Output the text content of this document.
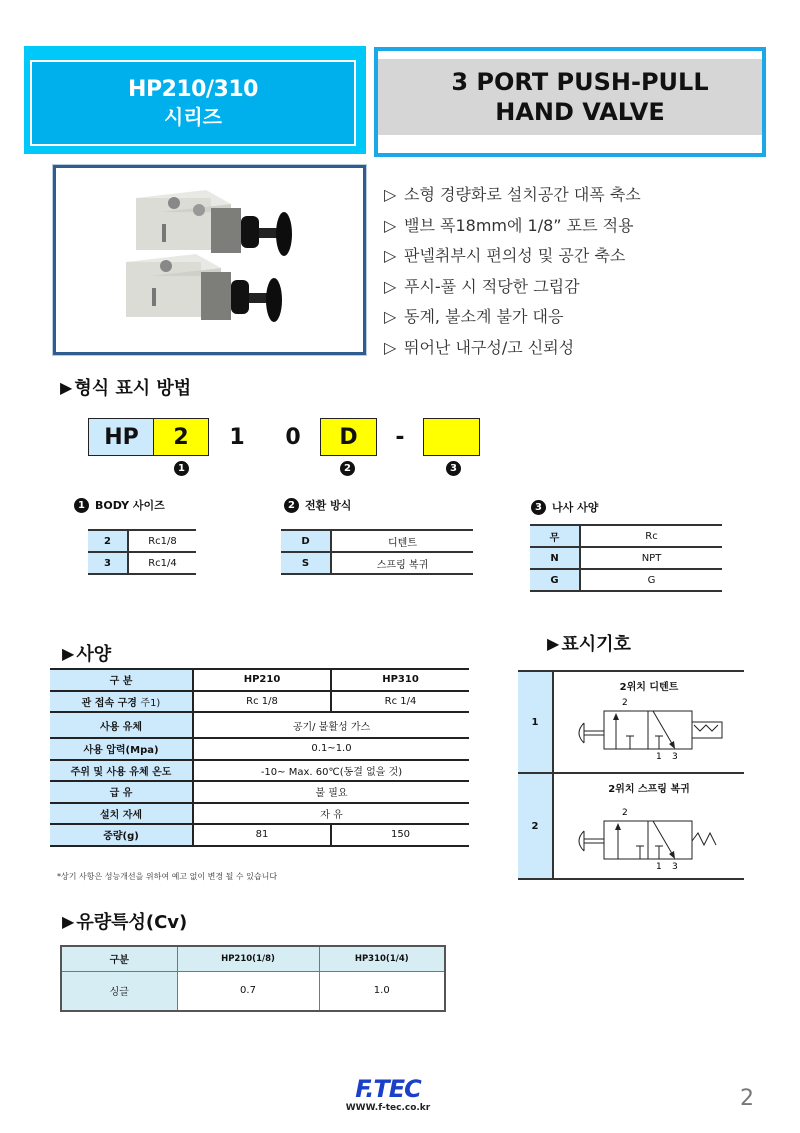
HP210/310
시리즈
3 PORT PUSH-PULL
HAND VALVE
▷ 소형 경량화로 설치공간 대폭 축소
▷ 밸브 폭18mm에 1/8” 포트 적용
▷ 판넬취부시 편의성 및 공간 축소
▷ 푸시-풀 시 적당한 그립감
▷ 동계, 불소계 불가 대응
▷ 뛰어난 내구성/고 신뢰성
▶ 형식 표시 방법
HP	2	1	0	D	-
1	2	3
1 BODY 사이즈
2	Rc1/8
3	Rc1/4
2 전환 방식
D	디텐트
S	스프링 복귀
3 나사 사양
무	Rc
N	NPT
G	G
▶ 사양
구 분	HP210	HP310
관 접속 구경 주1)	Rc 1/8	Rc 1/4
사용 유체	공기/ 불활성 가스	
사용 압력(Mpa)	0.1~1.0	
주위 및 사용 유체 온도	-10~ Max. 60℃(동결 없을 것)	
급 유	불 필요	
설치 자세	자 유	
중량(g)	81	150
*상기 사항은 성능개선을 위하여 예고 없이 변경 될 수 있습니다
▶ 표시기호
1	2위치 디텐트
2
1 3

2	2위치 스프링 복귀
2
1 3
▶ 유량특성(Cv)
구분	HP210(1/8)	HP310(1/4)
싱글	0.7	1.0
F.TEC
WWW.f-tec.co.kr	2
